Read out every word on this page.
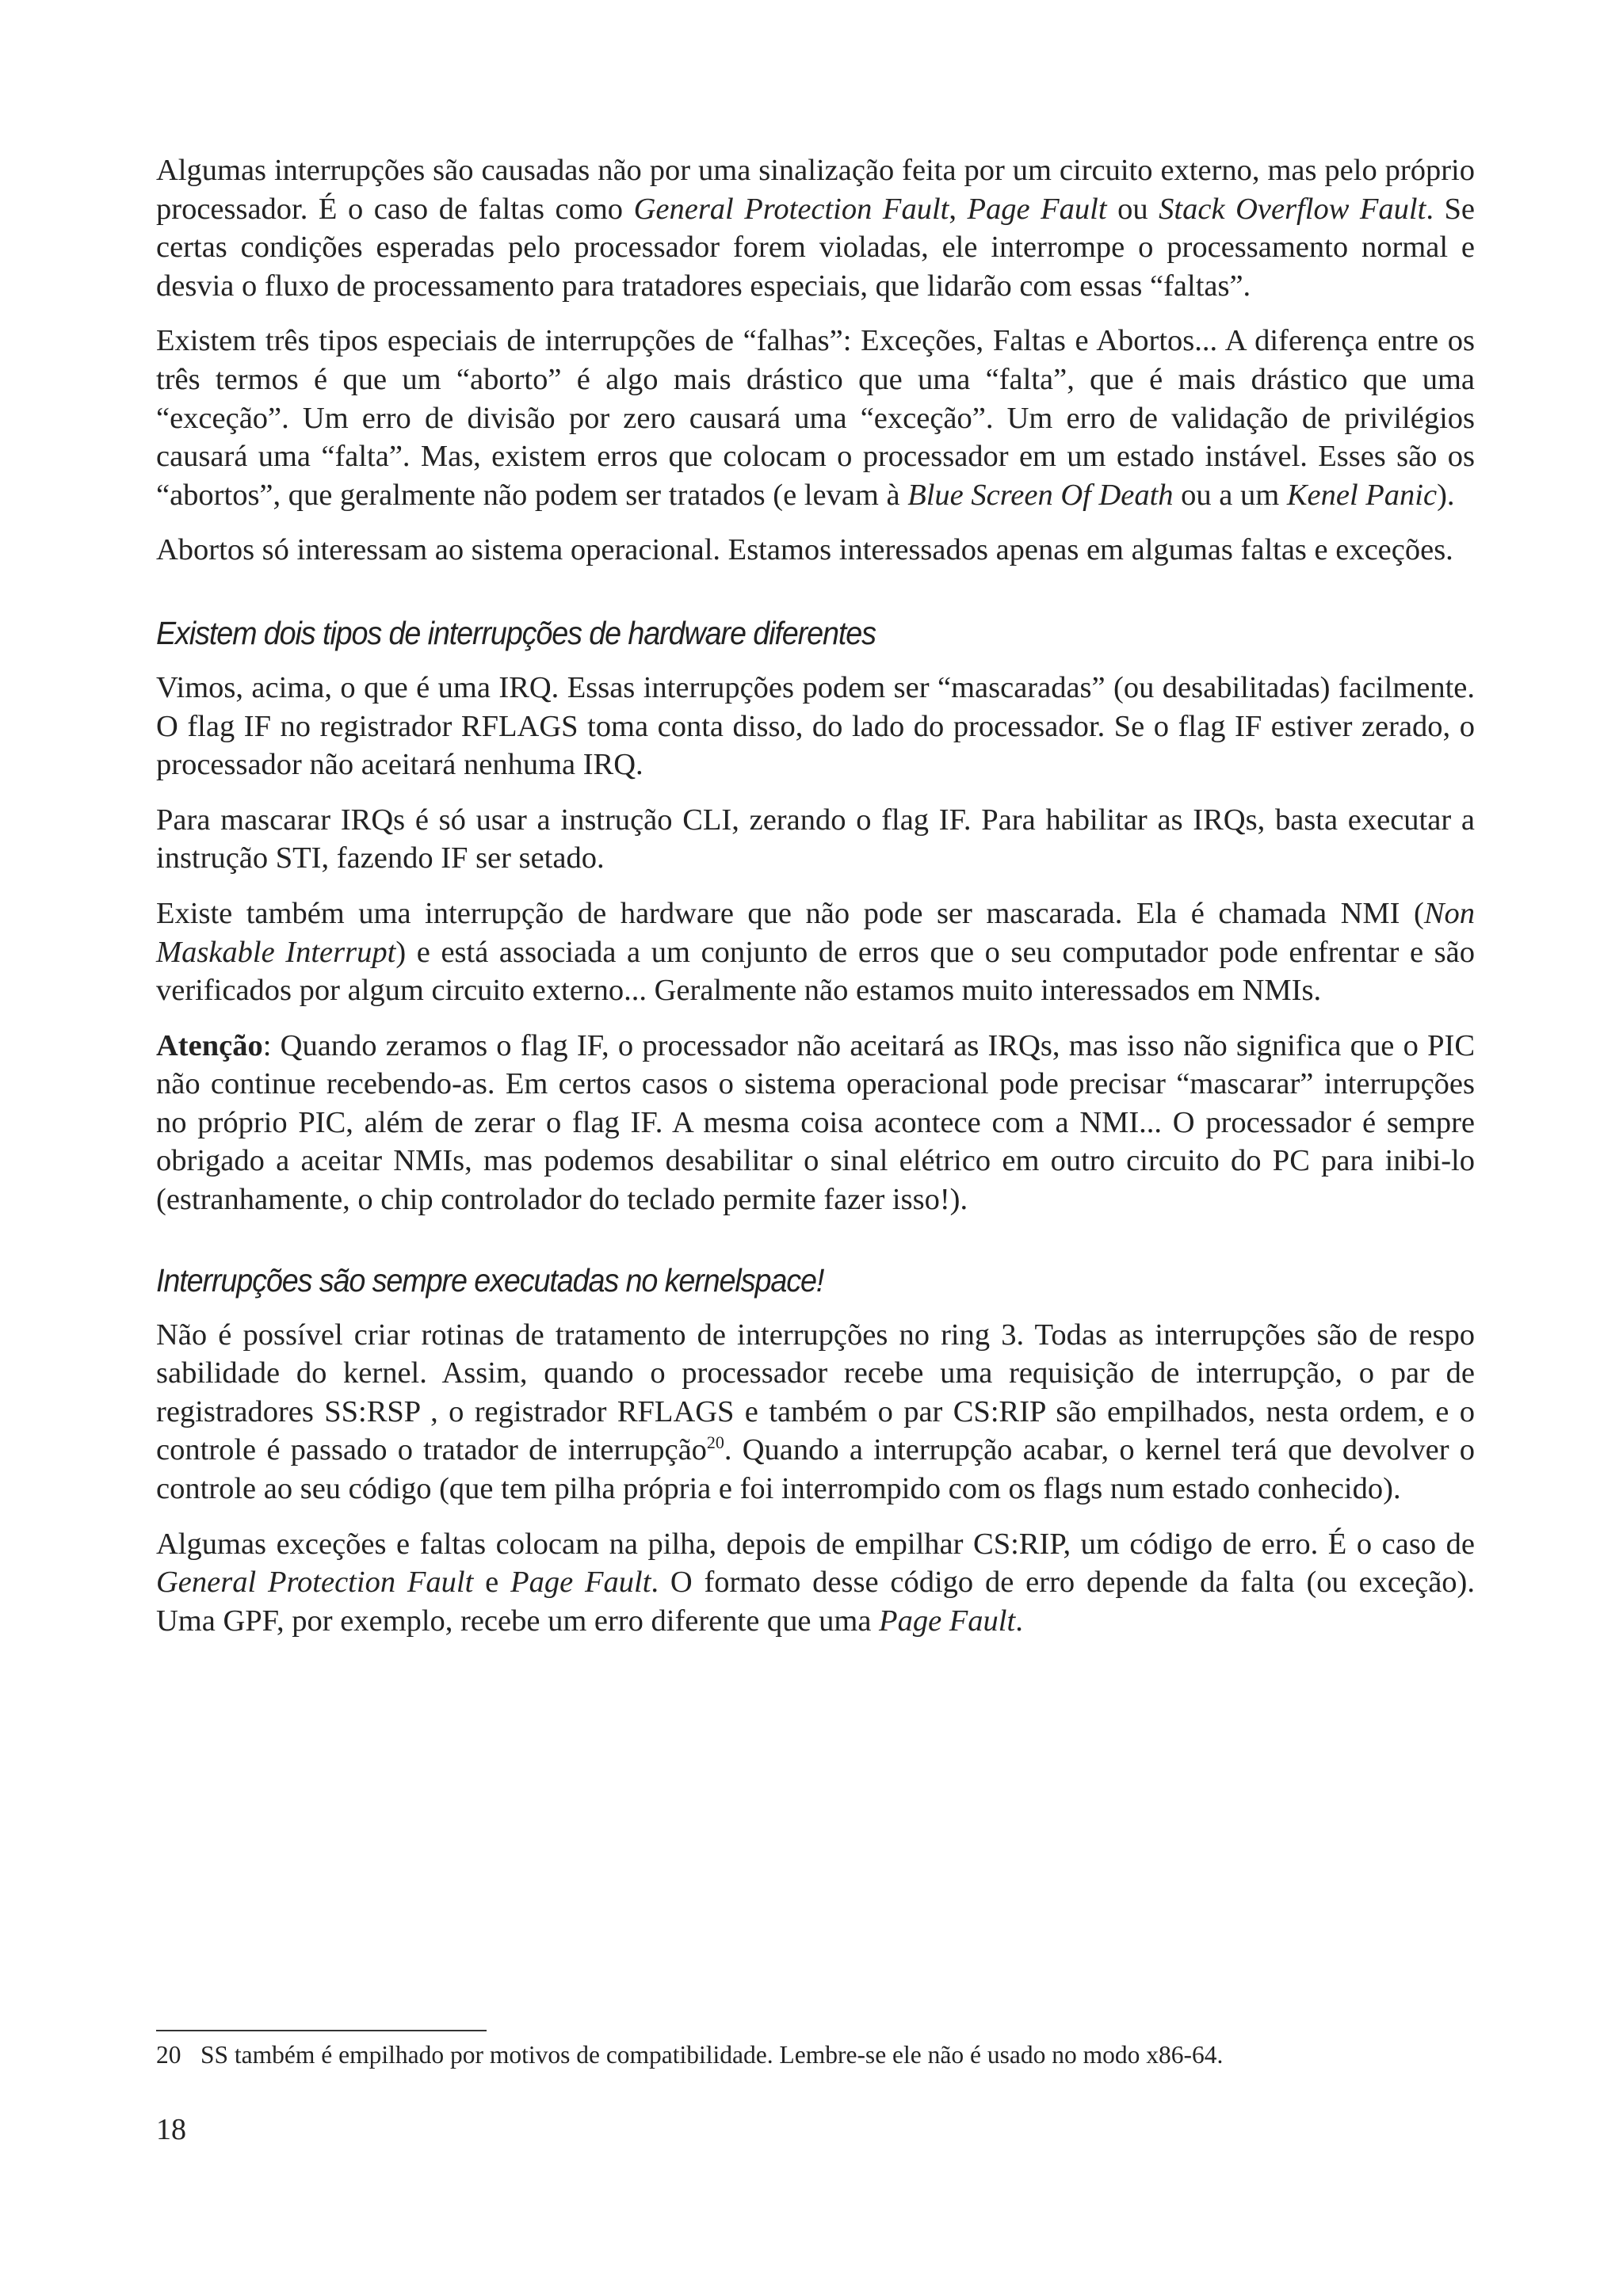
Algumas interrupções são causadas não por uma sinalização feita por um circuito externo, mas pelo próprio processador. É o caso de faltas como General Protection Fault, Page Fault ou Stack Overflow Fault. Se certas condições esperadas pelo processador forem violadas, ele interrompe o processamento normal e desvia o fluxo de processamento para tratadores especiais, que lidarão com essas “faltas”.
Existem três tipos especiais de interrupções de “falhas”: Exceções, Faltas e Abortos... A diferença entre os três termos é que um “aborto” é algo mais drástico que uma “falta”, que é mais drástico que uma “exceção”. Um erro de divisão por zero causará uma “exceção”. Um erro de validação de privilégios causará uma “falta”. Mas, existem erros que colocam o processador em um estado instável. Esses são os “abortos”, que geralmente não podem ser tratados (e levam à Blue Screen Of Death ou a um Kenel Panic).
Abortos só interessam ao sistema operacional. Estamos interessados apenas em algumas faltas e exceções.
Existem dois tipos de interrupções de hardware diferentes
Vimos, acima, o que é uma IRQ. Essas interrupções podem ser “mascaradas” (ou desabilitadas) facilmente. O flag IF no registrador RFLAGS toma conta disso, do lado do processador. Se o flag IF estiver zerado, o processador não aceitará nenhuma IRQ.
Para mascarar IRQs é só usar a instrução CLI, zerando o flag IF. Para habilitar as IRQs, basta executar a instrução STI, fazendo IF ser setado.
Existe também uma interrupção de hardware que não pode ser mascarada. Ela é chamada NMI (Non Maskable Interrupt) e está associada a um conjunto de erros que o seu computador pode enfrentar e são verificados por algum circuito externo... Geralmente não estamos muito interessados em NMIs.
Atenção: Quando zeramos o flag IF, o processador não aceitará as IRQs, mas isso não significa que o PIC não continue recebendo-as. Em certos casos o sistema operacional pode precisar “mascarar” interrupções no próprio PIC, além de zerar o flag IF. A mesma coisa acontece com a NMI... O processador é sempre obrigado a aceitar NMIs, mas podemos desabilitar o sinal elétrico em outro circuito do PC para inibi-lo (estranhamente, o chip controlador do teclado permite fazer isso!).
Interrupções são sempre executadas no kernelspace!
Não é possível criar rotinas de tratamento de interrupções no ring 3. Todas as interrupções são de respo sabilidade do kernel. Assim, quando o processador recebe uma requisição de interrupção, o par de registradores SS:RSP , o registrador RFLAGS e também o par CS:RIP são empilhados, nesta ordem, e o controle é passado o tratador de interrupção$^{20}$. Quando a interrupção acabar, o kernel terá que devolver o controle ao seu código (que tem pilha própria e foi interrompido com os flags num estado conhecido).
Algumas exceções e faltas colocam na pilha, depois de empilhar CS:RIP, um código de erro. É o caso de General Protection Fault e Page Fault. O formato desse código de erro depende da falta (ou exceção). Uma GPF, por exemplo, recebe um erro diferente que uma Page Fault.
20 SS também é empilhado por motivos de compatibilidade. Lembre-se ele não é usado no modo x86-64.
18
